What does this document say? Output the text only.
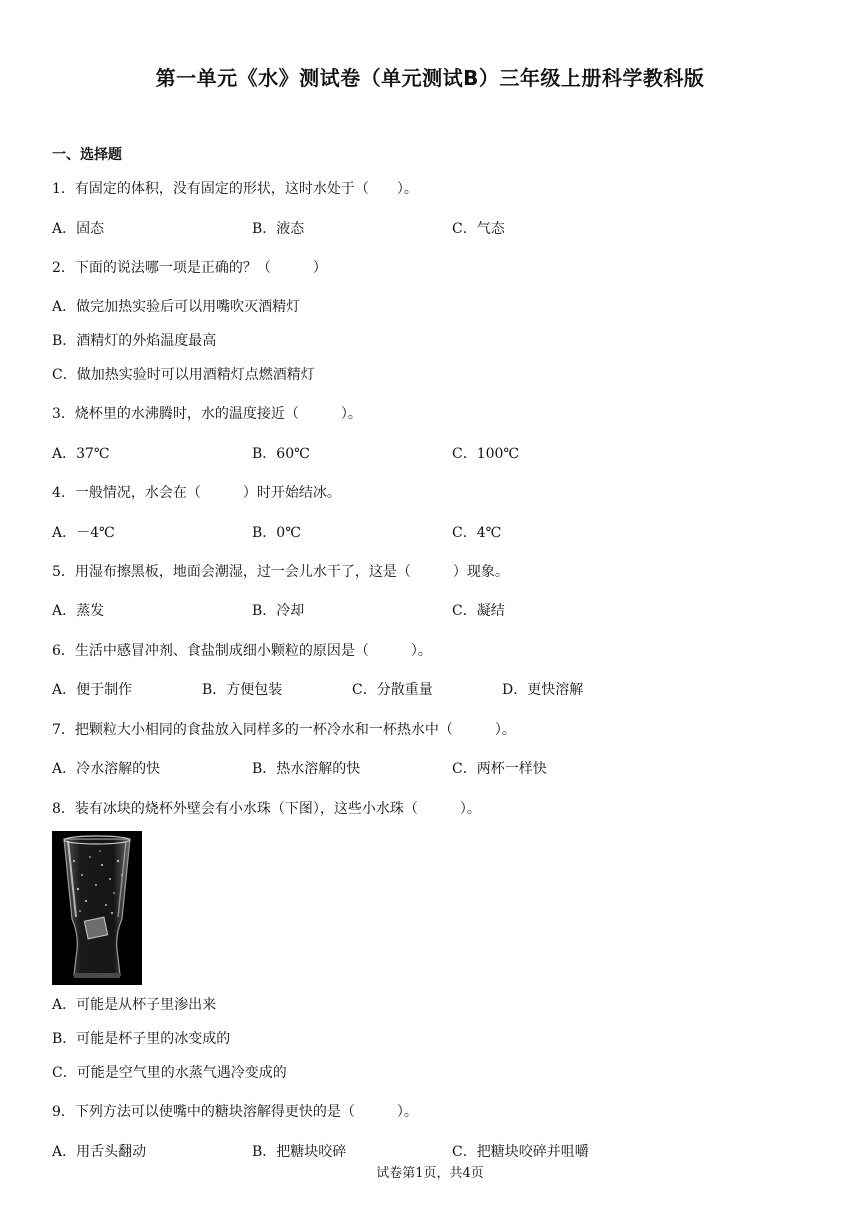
第一单元《水》测试卷（单元测试B）三年级上册科学教科版
一、选择题
1．有固定的体积，没有固定的形状，这时水处于（　　）。
A．固态	B．液态	C．气态
2．下面的说法哪一项是正确的？（　　　）
A．做完加热实验后可以用嘴吹灭酒精灯
B．酒精灯的外焰温度最高
C．做加热实验时可以用酒精灯点燃酒精灯
3．烧杯里的水沸腾时，水的温度接近（　　　）。
A．37℃	B．60℃	C．100℃
4．一般情况，水会在（　　　）时开始结冰。
A．－4℃	B．0℃	C．4℃
5．用湿布擦黑板，地面会潮湿，过一会儿水干了，这是（　　　）现象。
A．蒸发	B．冷却	C．凝结
6．生活中感冒冲剂、食盐制成细小颗粒的原因是（　　　）。
A．便于制作	B．方便包装	C．分散重量	D．更快溶解
7．把颗粒大小相同的食盐放入同样多的一杯冷水和一杯热水中（　　　）。
A．冷水溶解的快	B．热水溶解的快	C．两杯一样快
8．装有冰块的烧杯外壁会有小水珠（下图），这些小水珠（　　　）。
A．可能是从杯子里渗出来
B．可能是杯子里的冰变成的
C．可能是空气里的水蒸气遇冷变成的
9．下列方法可以使嘴中的糖块溶解得更快的是（　　　）。
A．用舌头翻动	B．把糖块咬碎	C．把糖块咬碎并咀嚼
试卷第1页，共4页
